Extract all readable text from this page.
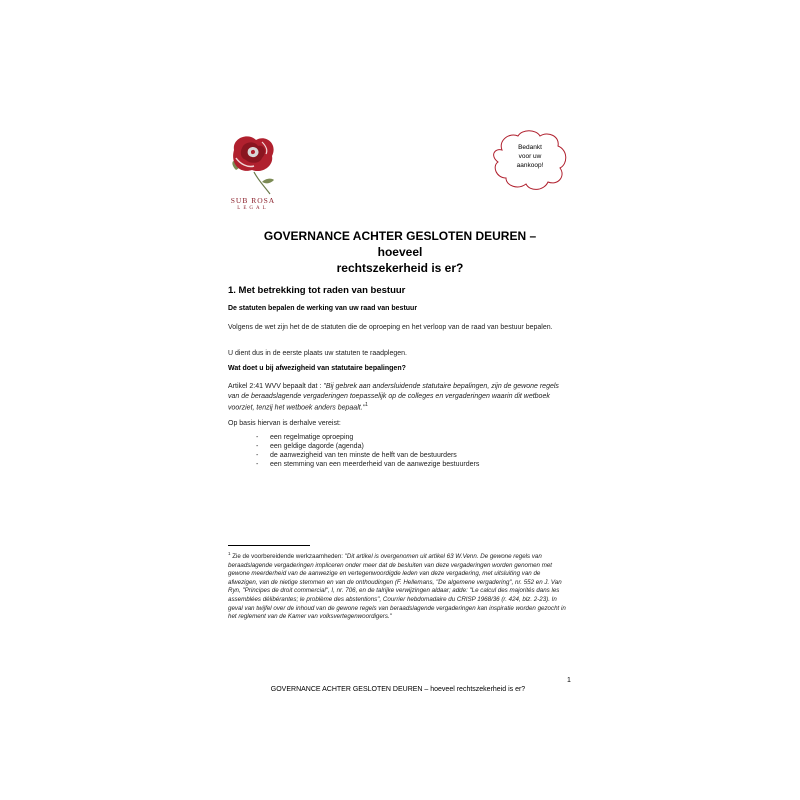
SUB ROSA
LEGAL
Bedankt
voor uw
aankoop!
GOVERNANCE ACHTER GESLOTEN DEUREN – hoeveel
rechtszekerheid is er?
1. Met betrekking tot raden van bestuur
De statuten bepalen de werking van uw raad van bestuur
Volgens de wet zijn het de de statuten die de oproeping en het verloop van de raad van bestuur bepalen.
U dient dus in de eerste plaats uw statuten te raadplegen.
Wat doet u bij afwezigheid van statutaire bepalingen?
Artikel 2:41 WVV bepaalt dat : "Bij gebrek aan andersluidende statutaire bepalingen, zijn de gewone regels van de beraadslagende vergaderingen toepasselijk op de colleges en vergaderingen waarin dit wetboek voorziet, tenzij het wetboek anders bepaalt."$^1$
Op basis hiervan is derhalve vereist:
- een regelmatige oproeping
- een geldige dagorde (agenda)
- de aanwezigheid van ten minste de helft van de bestuurders
- een stemming van een meerderheid van de aanwezige bestuurders
$^1$ Zie de voorbereidende werkzaamheden: "Dit artikel is overgenomen uit artikel 63 W.Venn. De gewone regels van beraadslagende vergaderingen impliceren onder meer dat de besluiten van deze vergaderingen worden genomen met gewone meerderheid van de aanwezige en vertegenwoordigde leden van deze vergadering, met uitsluiting van de afwezigen, van de nietige stemmen en van de onthoudingen (F. Hellemans, "De algemene vergadering", nr. 552 en J. Van Ryn, "Principes de droit commercial", I, nr. 706, en de talrijke verwijzingen aldaar; adde: "Le calcul des majorités dans les assemblées délibérantes; le problème des abstentions", Courrier hebdomadaire du CRISP 1968/36 (r. 424, blz. 2-23). In geval van twijfel over de inhoud van de gewone regels van beraadslagende vergaderingen kan inspiratie worden gezocht in het reglement van de Kamer van volksvertegenwoordigers."
1
GOVERNANCE ACHTER GESLOTEN DEUREN – hoeveel rechtszekerheid is er?
